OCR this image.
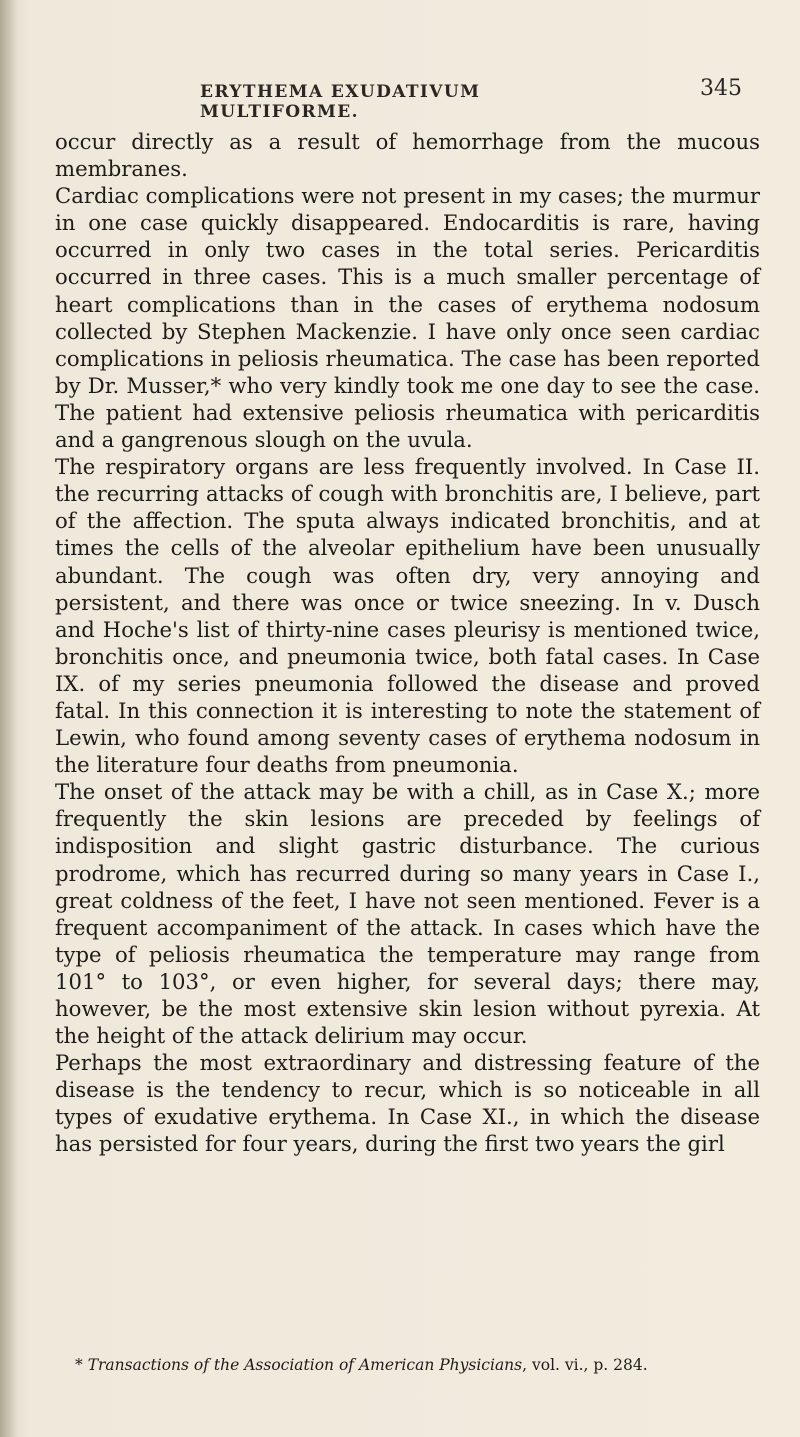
ERYTHEMA EXUDATIVUM MULTIFORME.
345

occur directly as a result of hemorrhage from the mucous membranes.

Cardiac complications were not present in my cases; the murmur in one case quickly disappeared. Endocarditis is rare, having occurred in only two cases in the total series. Pericarditis occurred in three cases. This is a much smaller percentage of heart complications than in the cases of erythema nodosum collected by Stephen Mackenzie. I have only once seen cardiac complications in peliosis rheumatica. The case has been reported by Dr. Musser,* who very kindly took me one day to see the case. The patient had extensive peliosis rheumatica with pericarditis and a gangrenous slough on the uvula.

The respiratory organs are less frequently involved. In Case II. the recurring attacks of cough with bronchitis are, I believe, part of the affection. The sputa always indicated bronchitis, and at times the cells of the alveolar epithelium have been unusually abundant. The cough was often dry, very annoying and persistent, and there was once or twice sneezing. In v. Dusch and Hoche's list of thirty-nine cases pleurisy is mentioned twice, bronchitis once, and pneumonia twice, both fatal cases. In Case IX. of my series pneumonia followed the disease and proved fatal. In this connection it is interesting to note the statement of Lewin, who found among seventy cases of erythema nodosum in the literature four deaths from pneumonia.

The onset of the attack may be with a chill, as in Case X.; more frequently the skin lesions are preceded by feelings of indisposition and slight gastric disturbance. The curious prodrome, which has recurred during so many years in Case I., great coldness of the feet, I have not seen mentioned. Fever is a frequent accompaniment of the attack. In cases which have the type of peliosis rheumatica the temperature may range from 101° to 103°, or even higher, for several days; there may, however, be the most extensive skin lesion without pyrexia. At the height of the attack delirium may occur.

Perhaps the most extraordinary and distressing feature of the disease is the tendency to recur, which is so noticeable in all types of exudative erythema. In Case XI., in which the disease has persisted for four years, during the first two years the girl

* Transactions of the Association of American Physicians, vol. vi., p. 284.
